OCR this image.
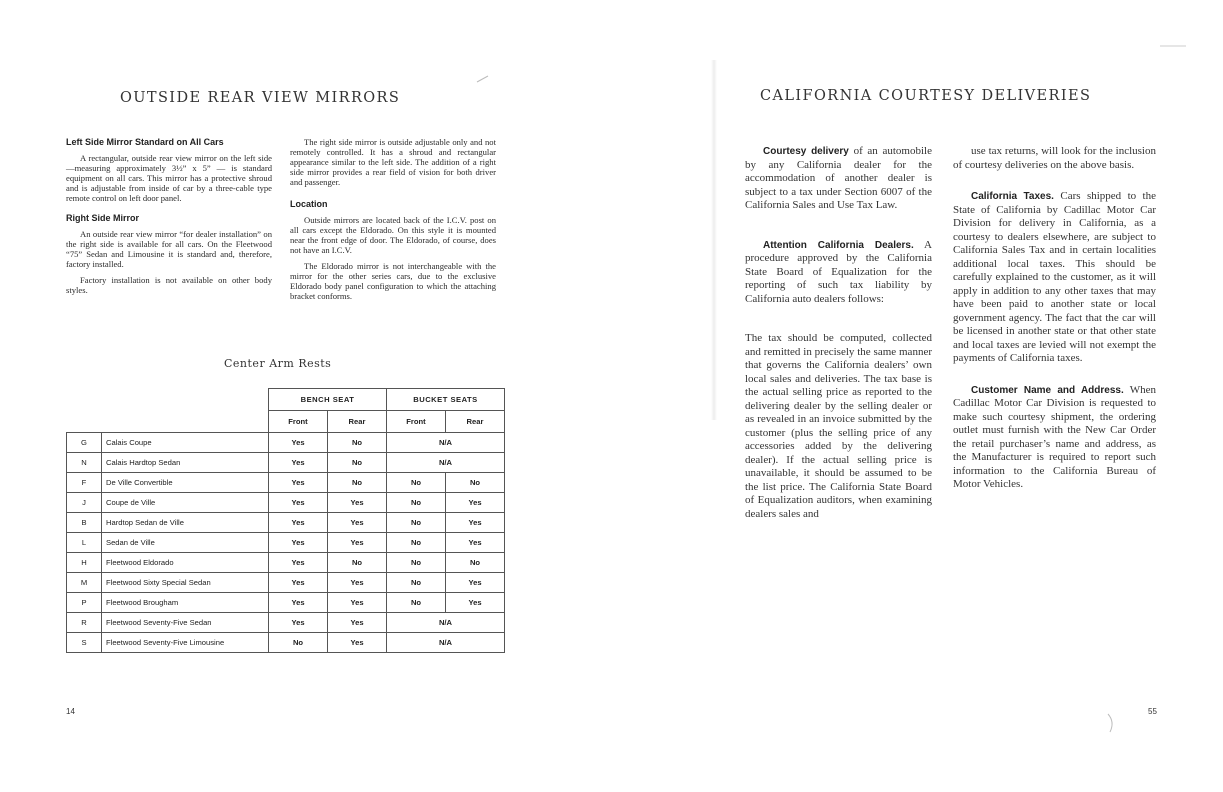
OUTSIDE REAR VIEW MIRRORS
Left Side Mirror Standard on All Cars

A rectangular, outside rear view mirror on the left side—measuring approximately 3½” x 5” — is standard equipment on all cars. This mirror has a protective shroud and is adjustable from inside of car by a three-cable type remote control on left door panel.

Right Side Mirror

An outside rear view mirror “for dealer installation” on the right side is available for all cars. On the Fleetwood “75” Sedan and Limousine it is standard and, therefore, factory installed.

Factory installation is not available on other body styles.

The right side mirror is outside adjustable only and not remotely controlled. It has a shroud and rectangular appearance similar to the left side. The addition of a right side mirror provides a rear field of vision for both driver and passenger.

Location

Outside mirrors are located back of the I.C.V. post on all cars except the Eldorado. On this style it is mounted near the front edge of door. The Eldorado, of course, does not have an I.C.V.

The Eldorado mirror is not interchangeable with the mirror for the other series cars, due to the exclusive Eldorado body panel configuration to which the attaching bracket conforms.

Center Arm Rests
		BENCH SEAT		BUCKET SEATS	
		Front	Rear	Front	Rear
G	Calais Coupe	Yes	No	N/A	
N	Calais Hardtop Sedan	Yes	No	N/A	
F	De Ville Convertible	Yes	No	No	No
J	Coupe de Ville	Yes	Yes	No	Yes
B	Hardtop Sedan de Ville	Yes	Yes	No	Yes
L	Sedan de Ville	Yes	Yes	No	Yes
H	Fleetwood Eldorado	Yes	No	No	No
M	Fleetwood Sixty Special Sedan	Yes	Yes	No	Yes
P	Fleetwood Brougham	Yes	Yes	No	Yes
R	Fleetwood Seventy-Five Sedan	Yes	Yes	N/A	
S	Fleetwood Seventy-Five Limousine	No	Yes	N/A	
14
CALIFORNIA COURTESY DELIVERIES

Courtesy delivery of an automobile by any California dealer for the accommodation of another dealer is subject to a tax under Section 6007 of the California Sales and Use Tax Law.

Attention California Dealers. A procedure approved by the California State Board of Equalization for the reporting of such tax liability by California auto dealers follows:

The tax should be computed, collected and remitted in precisely the same manner that governs the California dealers’ own local sales and deliveries. The tax base is the actual selling price as reported to the delivering dealer by the selling dealer or as revealed in an invoice submitted by the customer (plus the selling price of any accessories added by the delivering dealer). If the actual selling price is unavailable, it should be assumed to be the list price. The California State Board of Equalization auditors, when examining dealers sales and

use tax returns, will look for the inclusion of courtesy deliveries on the above basis.

California Taxes. Cars shipped to the State of California by Cadillac Motor Car Division for delivery in California, as a courtesy to dealers elsewhere, are subject to California Sales Tax and in certain localities additional local taxes. This should be carefully explained to the customer, as it will apply in addition to any other taxes that may have been paid to another state or local government agency. The fact that the car will be licensed in another state or that other state and local taxes are levied will not exempt the payments of California taxes.

Customer Name and Address. When Cadillac Motor Car Division is requested to make such courtesy shipment, the ordering outlet must furnish with the New Car Order the retail purchaser’s name and address, as the Manufacturer is required to report such information to the California Bureau of Motor Vehicles.

55
